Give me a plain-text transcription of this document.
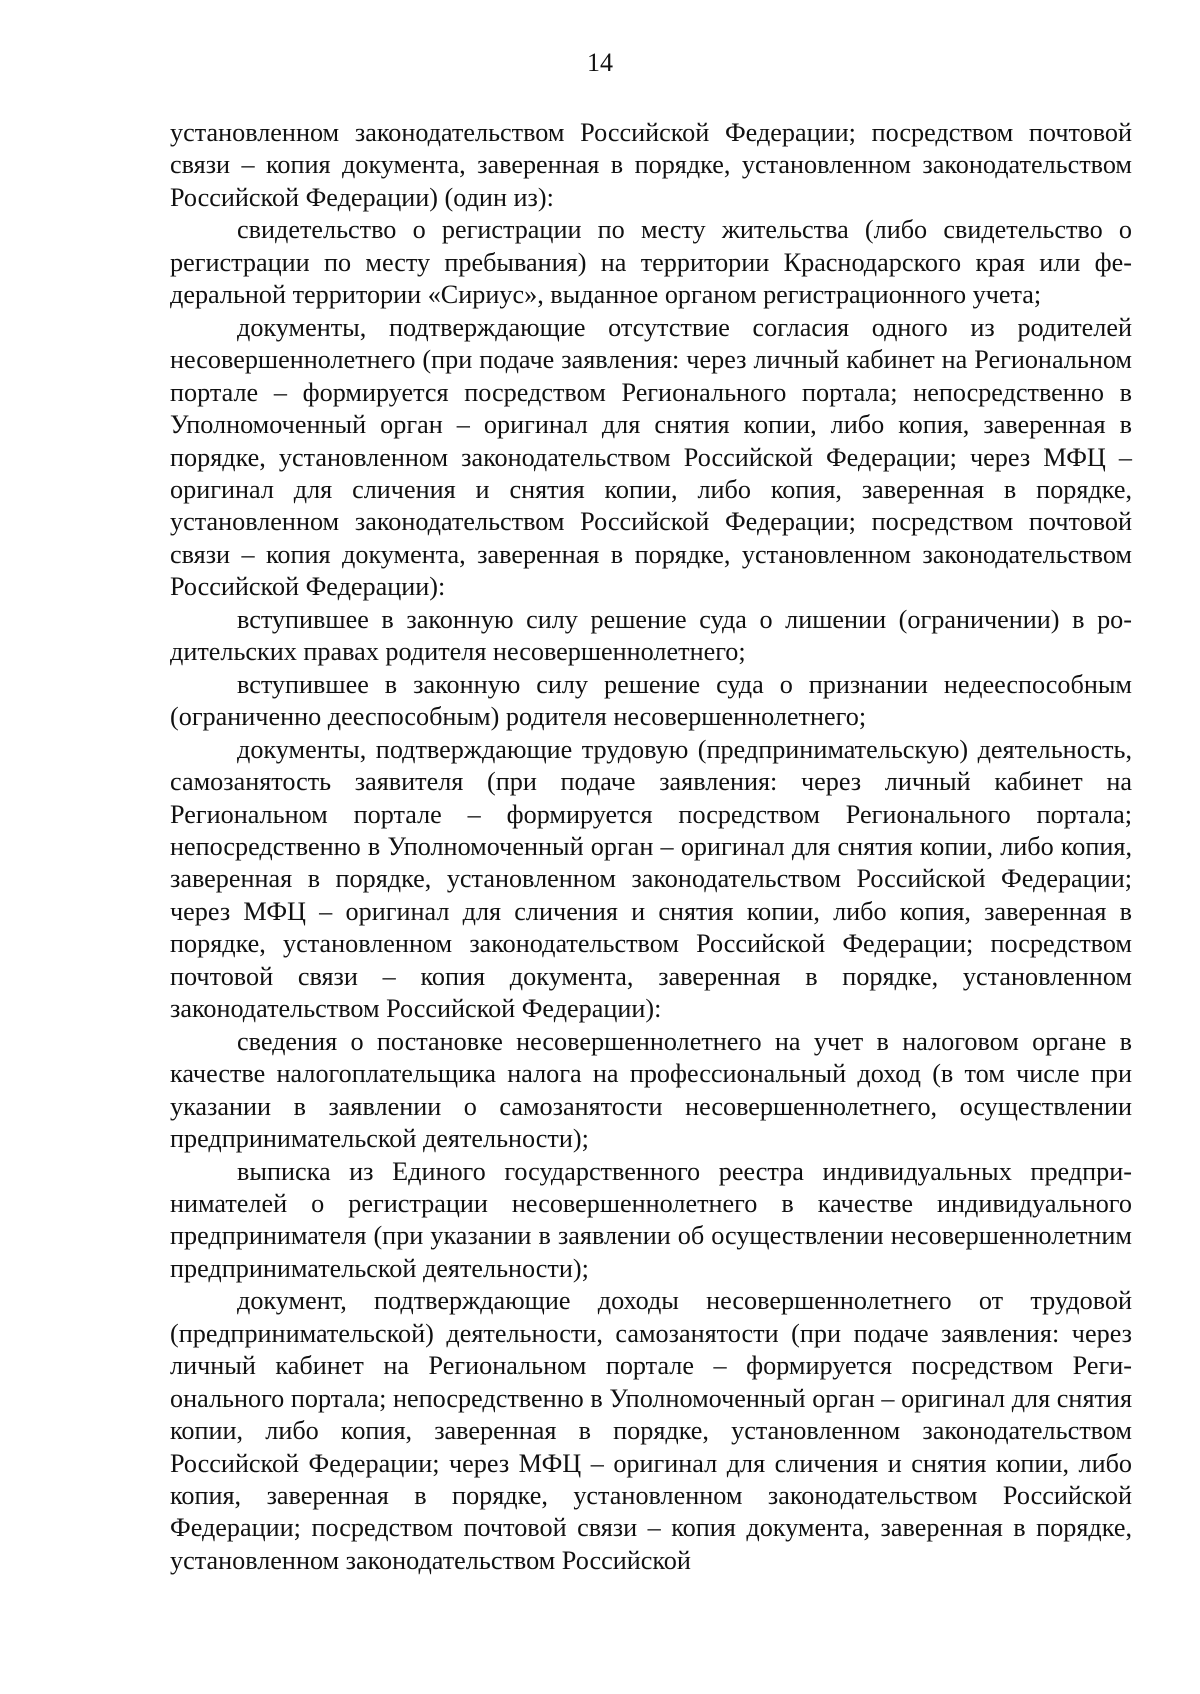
14

установленном законодательством Российской Федерации; посредством почтовой связи – копия документа, заверенная в порядке, установленном законодательством Российской Федерации) (один из):

свидетельство о регистрации по месту жительства (либо свидетельство о регистрации по месту пребывания) на территории Краснодарского края или федеральной территории «Сириус», выданное органом регистрационного учета;

документы, подтверждающие отсутствие согласия одного из родителей несовершеннолетнего (при подаче заявления: через личный кабинет на Региональном портале – формируется посредством Регионального портала; непосредственно в Уполномоченный орган – оригинал для снятия копии, либо копия, заверенная в порядке, установленном законодательством Российской Федерации; через МФЦ – оригинал для сличения и снятия копии, либо копия, заверенная в порядке, установленном законодательством Российской Федерации; посредством почтовой связи – копия документа, заверенная в порядке, установленном законодательством Российской Федерации):

вступившее в законную силу решение суда о лишении (ограничении) в родительских правах родителя несовершеннолетнего;

вступившее в законную силу решение суда о признании недееспособным (ограниченно дееспособным) родителя несовершеннолетнего;

документы, подтверждающие трудовую (предпринимательскую) деятельность, самозанятость заявителя (при подаче заявления: через личный кабинет на Региональном портале – формируется посредством Регионального портала; непосредственно в Уполномоченный орган – оригинал для снятия копии, либо копия, заверенная в порядке, установленном законодательством Российской Федерации; через МФЦ – оригинал для сличения и снятия копии, либо копия, заверенная в порядке, установленном законодательством Российской Федерации; посредством почтовой связи – копия документа, заверенная в порядке, установленном законодательством Российской Федерации):

сведения о постановке несовершеннолетнего на учет в налоговом органе в качестве налогоплательщика налога на профессиональный доход (в том числе при указании в заявлении о самозанятости несовершеннолетнего, осуществлении предпринимательской деятельности);

выписка из Единого государственного реестра индивидуальных предпринимателей о регистрации несовершеннолетнего в качестве индивидуального предпринимателя (при указании в заявлении об осуществлении несовершеннолетним предпринимательской деятельности);

документ, подтверждающие доходы несовершеннолетнего от трудовой (предпринимательской) деятельности, самозанятости (при подаче заявления: через личный кабинет на Региональном портале – формируется посредством Регионального портала; непосредственно в Уполномоченный орган – оригинал для снятия копии, либо копия, заверенная в порядке, установленном законодательством Российской Федерации; через МФЦ – оригинал для сличения и снятия копии, либо копия, заверенная в порядке, установленном законодательством Российской Федерации; посредством почтовой связи – копия документа, заверенная в порядке, установленном законодательством Российской
